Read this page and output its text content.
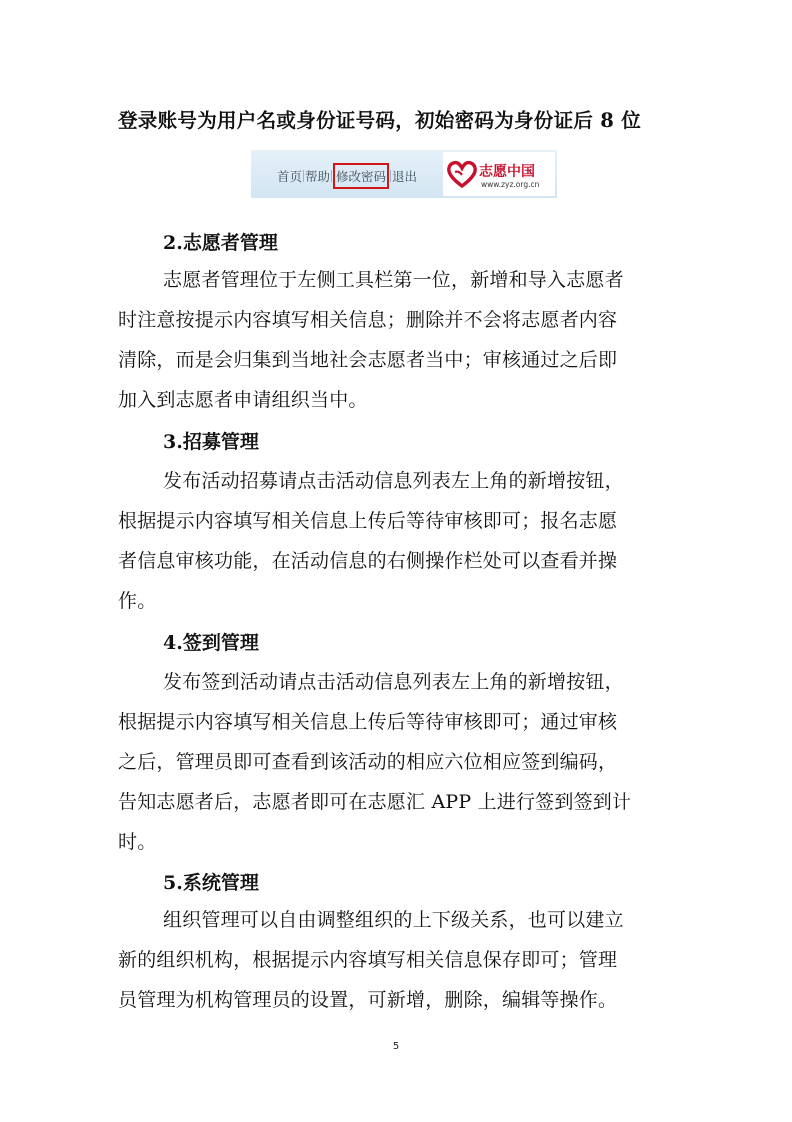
登录账号为用户名或身份证号码，初始密码为身份证后 8 位
首页 帮助 修改密码 退出	志愿中国
www.zyz.org.cn
2.志愿者管理
志愿者管理位于左侧工具栏第一位，新增和导入志愿者
时注意按提示内容填写相关信息；删除并不会将志愿者内容
清除，而是会归集到当地社会志愿者当中；审核通过之后即
加入到志愿者申请组织当中。
3.招募管理
发布活动招募请点击活动信息列表左上角的新增按钮，
根据提示内容填写相关信息上传后等待审核即可；报名志愿
者信息审核功能，在活动信息的右侧操作栏处可以查看并操
作。
4.签到管理
发布签到活动请点击活动信息列表左上角的新增按钮，
根据提示内容填写相关信息上传后等待审核即可；通过审核
之后，管理员即可查看到该活动的相应六位相应签到编码，
告知志愿者后，志愿者即可在志愿汇 APP 上进行签到签到计
时。
5.系统管理
组织管理可以自由调整组织的上下级关系，也可以建立
新的组织机构，根据提示内容填写相关信息保存即可；管理
员管理为机构管理员的设置，可新增，删除，编辑等操作。
5
